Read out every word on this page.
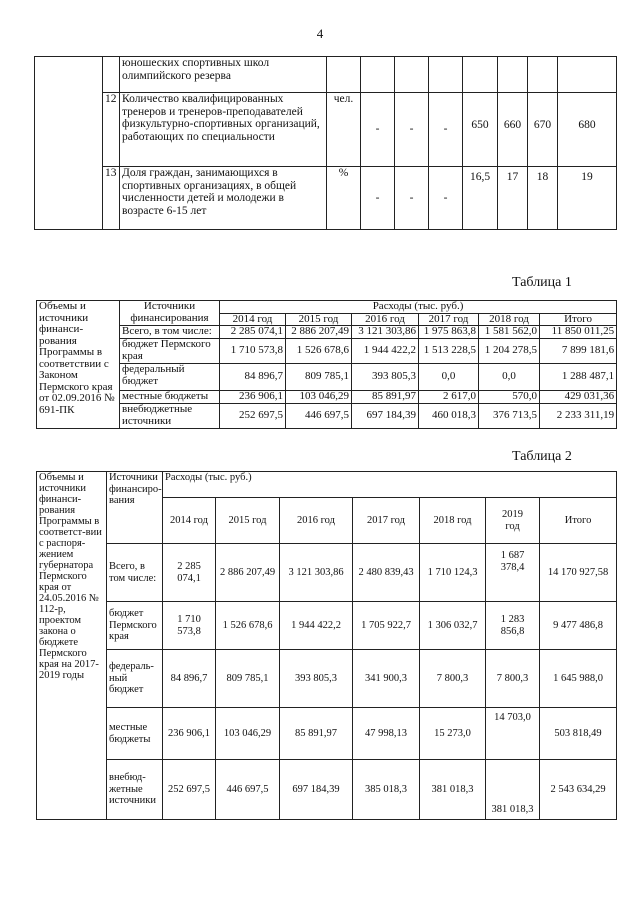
4
		юношеских спортивных школ олимпийского резерва								
	12	Количество квалифицированных тренеров и тренеров-преподавателей физкультурно-спортивных организаций, работающих по специальности	чел.	-	-	-	650	660	670	680
	13	Доля граждан, занимающихся в спортивных организациях, в общей численности детей и молодежи в возрасте 6-15 лет	%	-	-	-	16,5	17	18	19
Таблица 1
Объемы и источники финанси-рования Программы в соответствии с Законом Пермского края от 02.09.2016 № 691-ПК	Источники финансирования	Расходы (тыс. руб.)					
		2014 год	2015 год	2016 год	2017 год	2018 год	Итого
	Всего, в том числе:	2 285 074,1	2 886 207,49	3 121 303,86	1 975 863,8	1 581 562,0	11 850 011,25
	бюджет Пермского края	1 710 573,8	1 526 678,6	1 944 422,2	1 513 228,5	1 204 278,5	7 899 181,6
	федеральный бюджет	84 896,7	809 785,1	393 805,3	0,0	0,0	1 288 487,1
	местные бюджеты	236 906,1	103 046,29	85 891,97	2 617,0	570,0	429 031,36
	внебюджетные источники	252 697,5	446 697,5	697 184,39	460 018,3	376 713,5	2 233 311,19
Таблица 2
Объемы и источники финанси-рования Программы в соответст-вии с распоря-жением губернатора Пермского края от 24.05.2016 № 112-р, проектом закона о бюджете Пермского края на 2017-2019 годы	Источники финансиро-вания	Расходы (тыс. руб.)						
		2014 год	2015 год	2016 год	2017 год	2018 год	2019 год	Итого
	Всего, в том числе:	2 285 074,1	2 886 207,49	3 121 303,86	2 480 839,43	1 710 124,3	1 687 378,4	14 170 927,58
	бюджет Пермского края	1 710 573,8	1 526 678,6	1 944 422,2	1 705 922,7	1 306 032,7	1 283 856,8	9 477 486,8
	федераль-ный бюджет	84 896,7	809 785,1	393 805,3	341 900,3	7 800,3	7 800,3	1 645 988,0
	местные бюджеты	236 906,1	103 046,29	85 891,97	47 998,13	15 273,0	14 703,0	503 818,49
	внебюд-жетные источники	252 697,5	446 697,5	697 184,39	385 018,3	381 018,3	381 018,3	2 543 634,29
